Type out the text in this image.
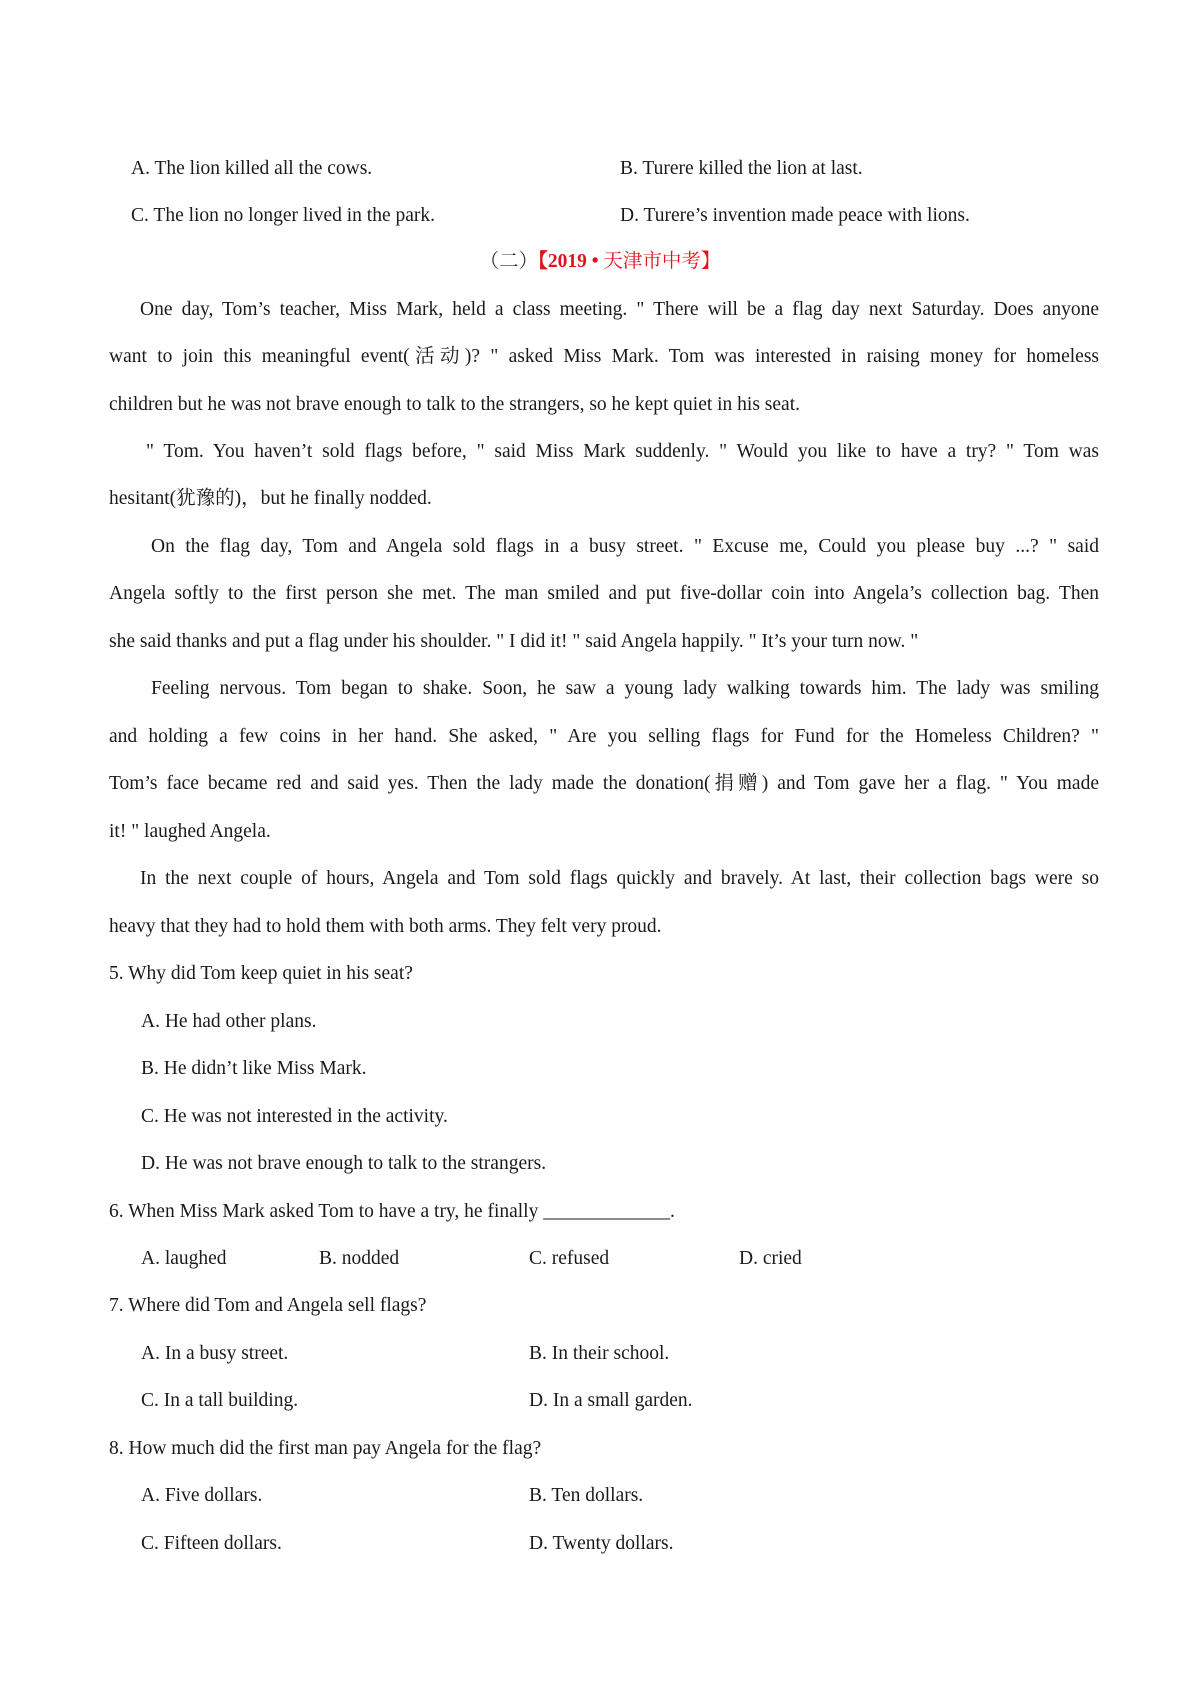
A. The lion killed all the cows.	B. Turere killed the lion at last.
C. The lion no longer lived in the park.	D. Turere’s invention made peace with lions.
（二）【2019 • 天津市中考】
One day, Tom’s teacher, Miss Mark, held a class meeting. " There will be a flag day next Saturday. Does anyone
want to join this meaningful event(活动)? " asked Miss Mark. Tom was interested in raising money for homeless
children but he was not brave enough to talk to the strangers, so he kept quiet in his seat.
" Tom. You haven’t sold flags before, " said Miss Mark suddenly. " Would you like to have a try? " Tom was
hesitant(犹豫的)，but he finally nodded.
On the flag day, Tom and Angela sold flags in a busy street. " Excuse me, Could you please buy ...? " said
Angela softly to the first person she met. The man smiled and put five-dollar coin into Angela’s collection bag. Then
she said thanks and put a flag under his shoulder. " I did it! " said Angela happily. " It’s your turn now. "
Feeling nervous. Tom began to shake. Soon, he saw a young lady walking towards him. The lady was smiling
and holding a few coins in her hand. She asked, " Are you selling flags for Fund for the Homeless Children? "
Tom’s face became red and said yes. Then the lady made the donation(捐赠) and Tom gave her a flag. " You made
it! " laughed Angela.
In the next couple of hours, Angela and Tom sold flags quickly and bravely. At last, their collection bags were so
heavy that they had to hold them with both arms. They felt very proud.
5. Why did Tom keep quiet in his seat?
A. He had other plans.
B. He didn’t like Miss Mark.
C. He was not interested in the activity.
D. He was not brave enough to talk to the strangers.
6. When Miss Mark asked Tom to have a try, he finally _____________.
A. laughed	B. nodded	C. refused	D. cried
7. Where did Tom and Angela sell flags?
A. In a busy street.	B. In their school.
C. In a tall building.	D. In a small garden.
8. How much did the first man pay Angela for the flag?
A. Five dollars.	B. Ten dollars.
C. Fifteen dollars.	D. Twenty dollars.
